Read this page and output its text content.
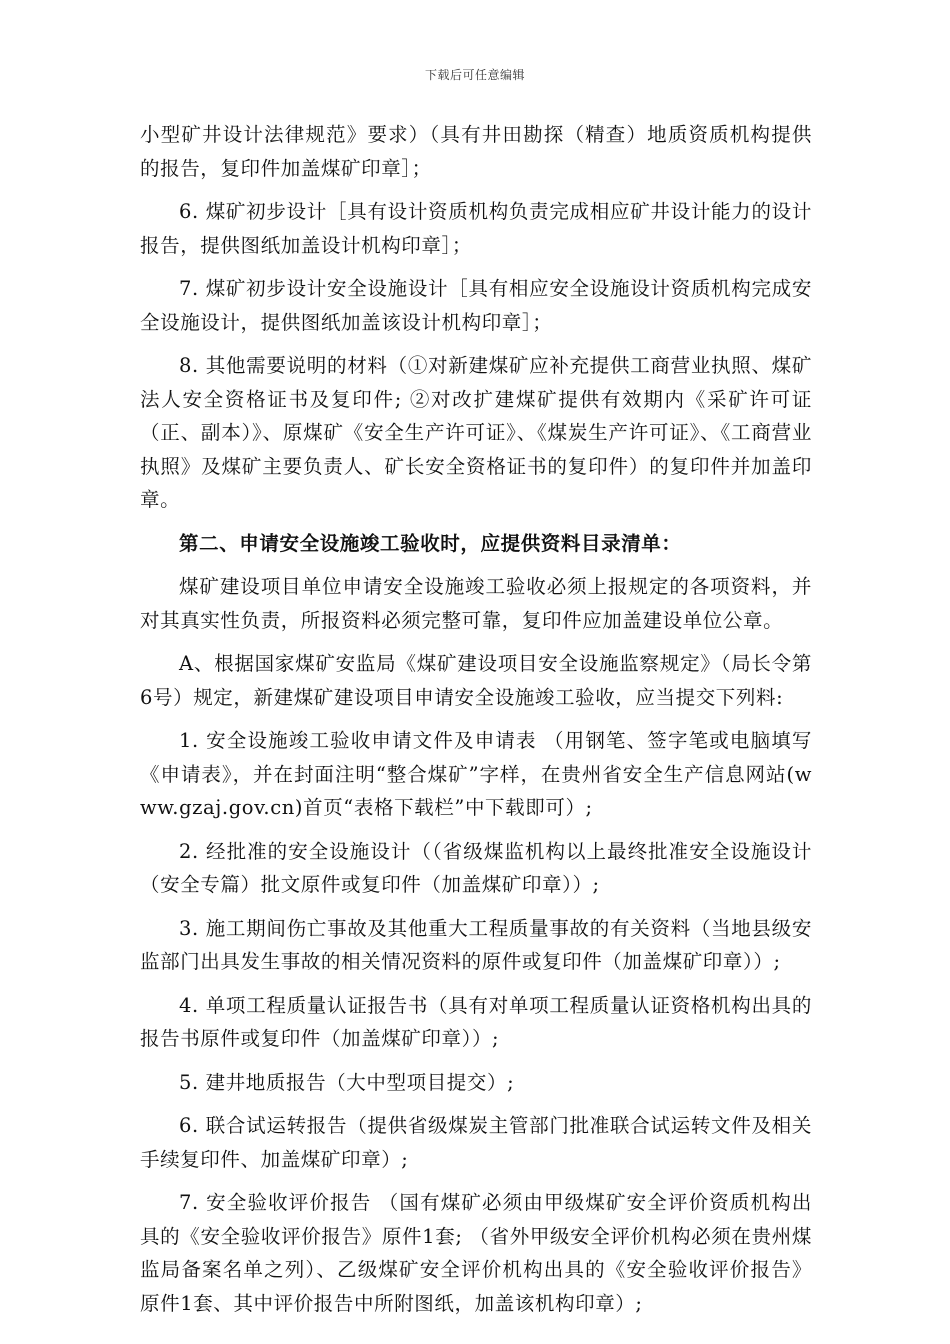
下载后可任意编辑

小型矿井设计法律规范》要求）（具有井田勘探（精查）地质资质机构提供的报告，复印件加盖煤矿印章］；

6. 煤矿初步设计［具有设计资质机构负责完成相应矿井设计能力的设计报告，提供图纸加盖设计机构印章］；

7. 煤矿初步设计安全设施设计［具有相应安全设施设计资质机构完成安全设施设计，提供图纸加盖该设计机构印章］；

8. 其他需要说明的材料（①对新建煤矿应补充提供工商营业执照、煤矿法人安全资格证书及复印件; ②对改扩建煤矿提供有效期内《采矿许可证（正、副本）》、原煤矿《安全生产许可证》、《煤炭生产许可证》、《工商营业执照》及煤矿主要负责人、矿长安全资格证书的复印件）的复印件并加盖印章。

第二、申请安全设施竣工验收时，应提供资料目录清单：

煤矿建设项目单位申请安全设施竣工验收必须上报规定的各项资料，并对其真实性负责，所报资料必须完整可靠，复印件应加盖建设单位公章。

A、根据国家煤矿安监局《煤矿建设项目安全设施监察规定》（局长令第6号）规定，新建煤矿建设项目申请安全设施竣工验收，应当提交下列料:

1. 安全设施竣工验收申请文件及申请表 （用钢笔、签字笔或电脑填写《申请表》，并在封面注明“整合煤矿”字样，在贵州省安全生产信息网站(www.gzaj.gov.cn)首页“表格下载栏”中下载即可）;

2. 经批准的安全设施设计（（省级煤监机构以上最终批准安全设施设计（安全专篇）批文原件或复印件（加盖煤矿印章））;

3. 施工期间伤亡事故及其他重大工程质量事故的有关资料（当地县级安监部门出具发生事故的相关情况资料的原件或复印件（加盖煤矿印章））;

4. 单项工程质量认证报告书（具有对单项工程质量认证资格机构出具的报告书原件或复印件（加盖煤矿印章））;

5. 建井地质报告（大中型项目提交）;

6. 联合试运转报告（提供省级煤炭主管部门批准联合试运转文件及相关手续复印件、加盖煤矿印章）;

7. 安全验收评价报告 （国有煤矿必须由甲级煤矿安全评价资质机构出具的《安全验收评价报告》原件1套; （省外甲级安全评价机构必须在贵州煤监局备案名单之列）、乙级煤矿安全评价机构出具的《安全验收评价报告》原件1套、其中评价报告中所附图纸，加盖该机构印章）;
